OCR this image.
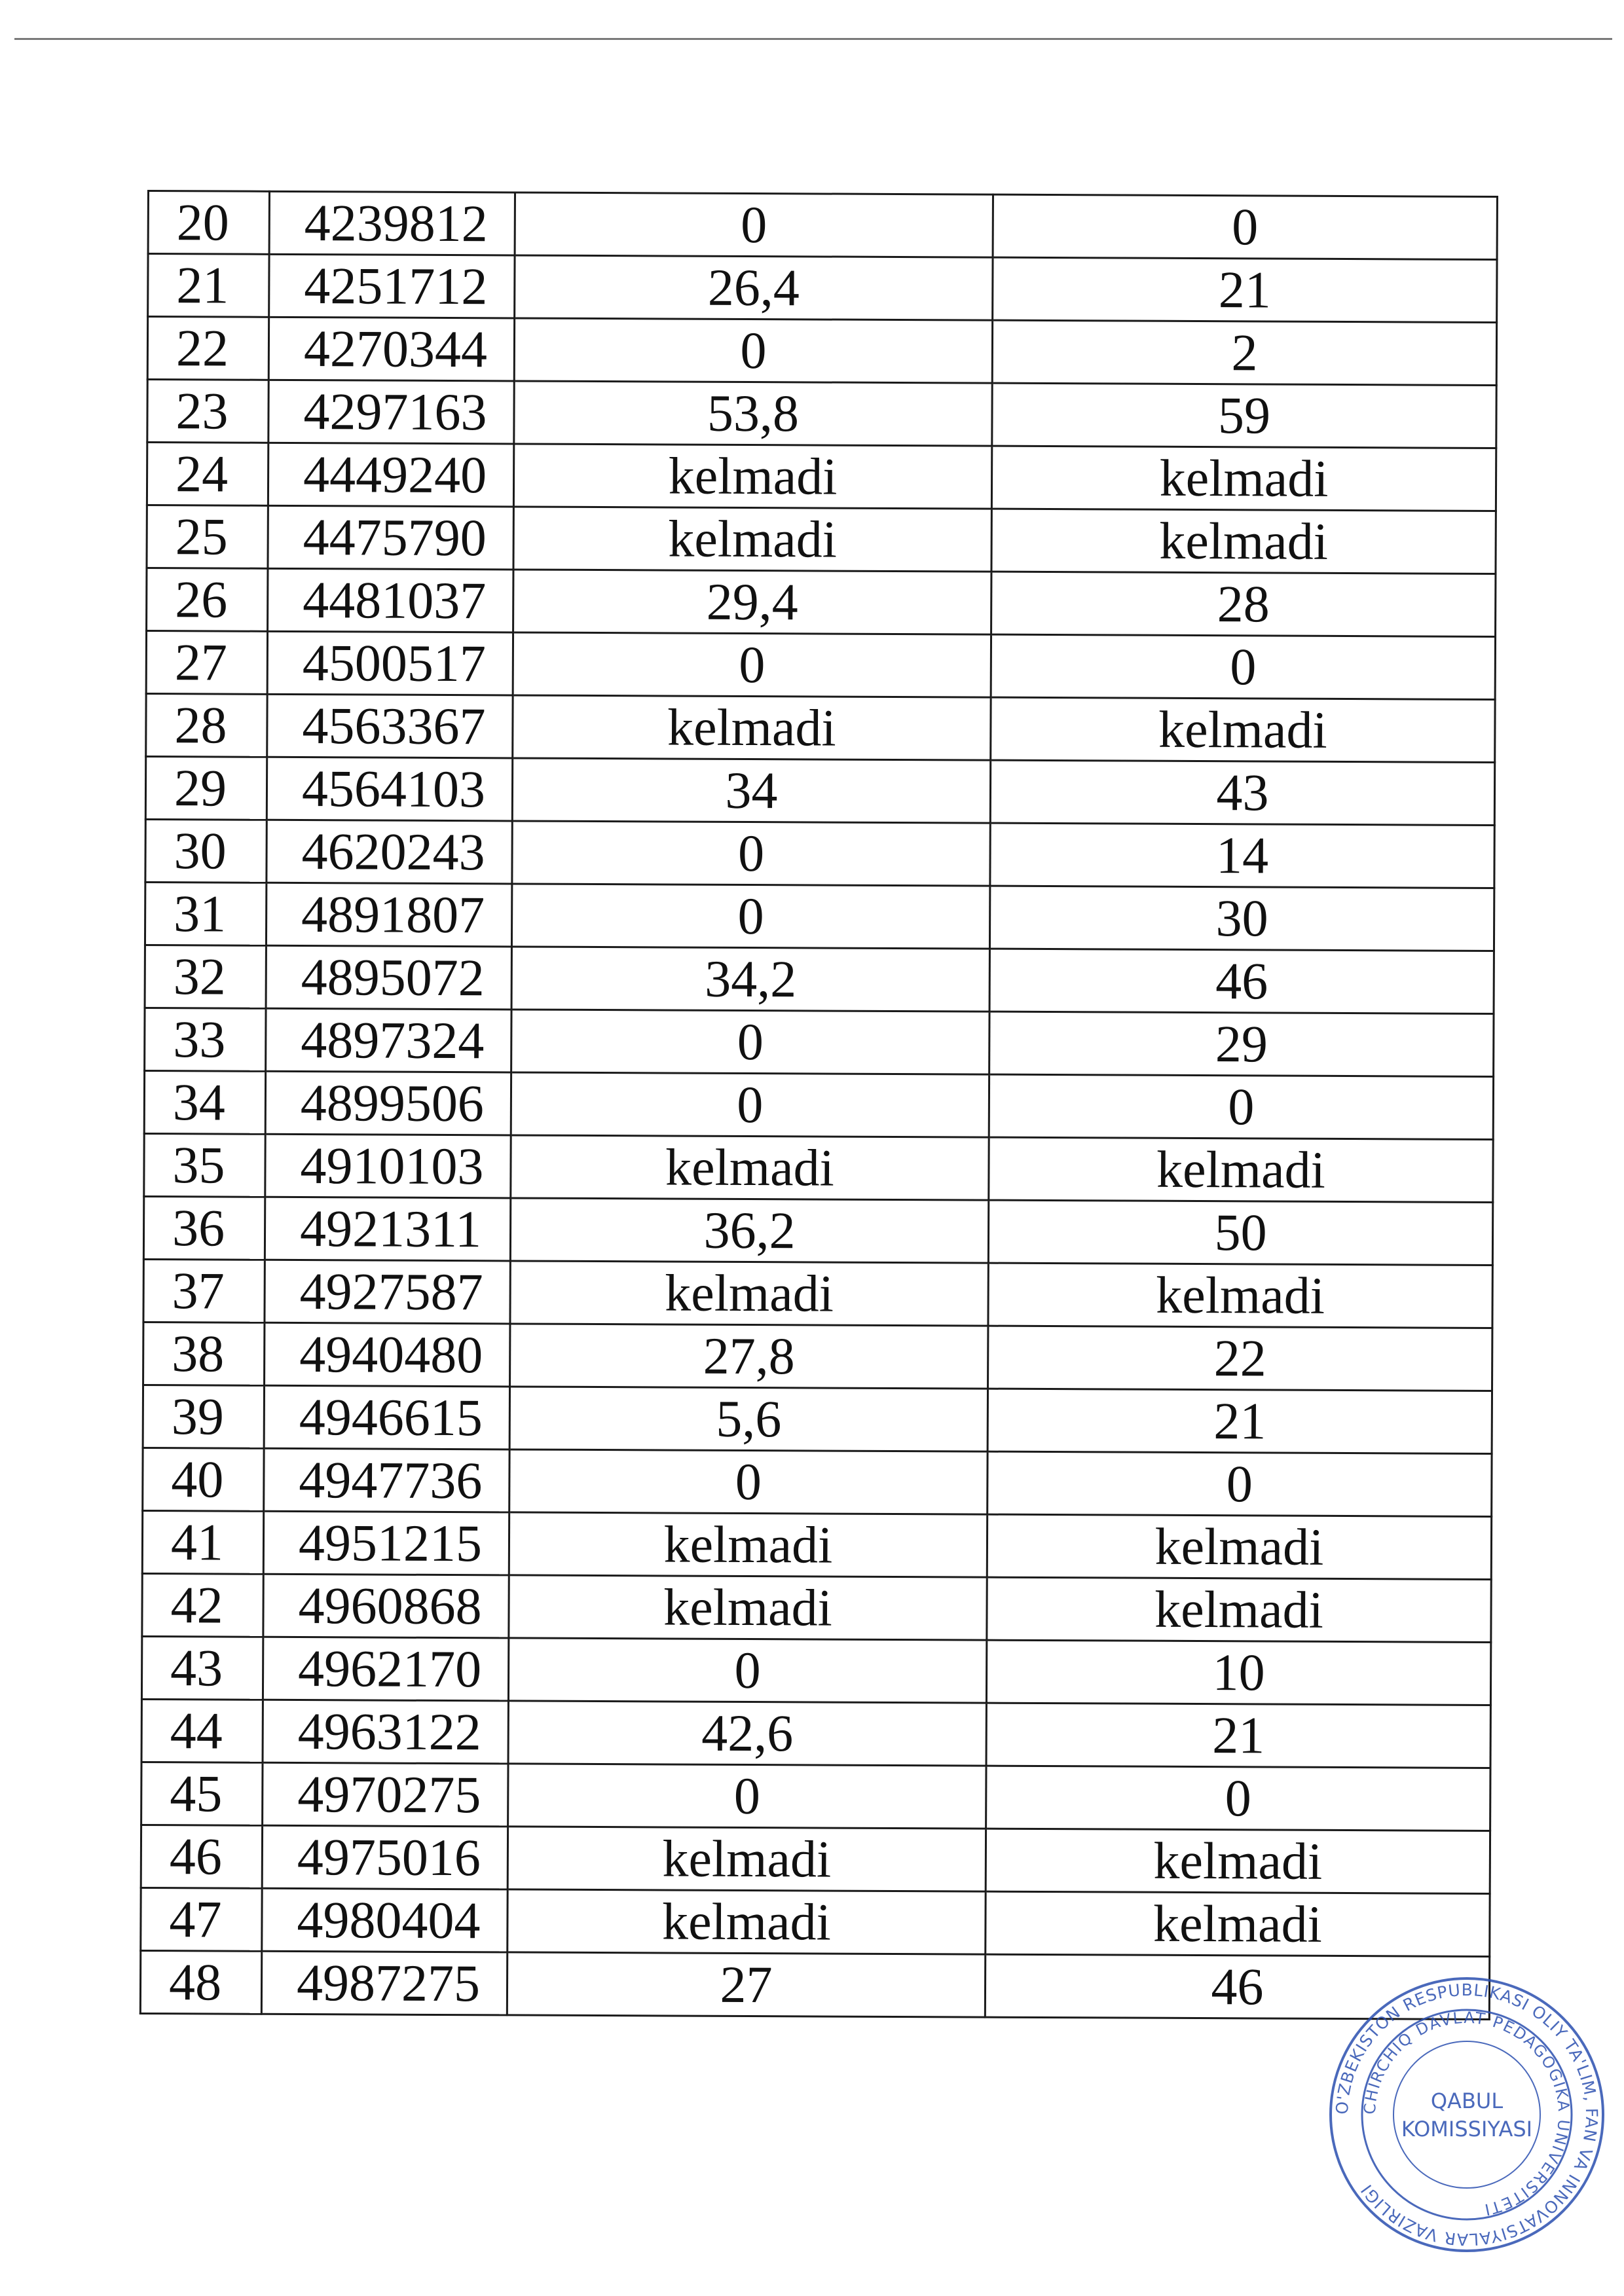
20	4239812	0	0
21	4251712	26,4	21
22	4270344	0	2
23	4297163	53,8	59
24	4449240	kelmadi	kelmadi
25	4475790	kelmadi	kelmadi
26	4481037	29,4	28
27	4500517	0	0
28	4563367	kelmadi	kelmadi
29	4564103	34	43
30	4620243	0	14
31	4891807	0	30
32	4895072	34,2	46
33	4897324	0	29
34	4899506	0	0
35	4910103	kelmadi	kelmadi
36	4921311	36,2	50
37	4927587	kelmadi	kelmadi
38	4940480	27,8	22
39	4946615	5,6	21
40	4947736	0	0
41	4951215	kelmadi	kelmadi
42	4960868	kelmadi	kelmadi
43	4962170	0	10
44	4963122	42,6	21
45	4970275	0	0
46	4975016	kelmadi	kelmadi
47	4980404	kelmadi	kelmadi
48	4987275	27	46
O'ZBEKISTON RESPUBLIKASI OLIY TA'LIM, FAN VA INNOVATSIYALAR VAZIRLIGI
CHIRCHIQ DAVLAT PEDAGOGIKA UNIVERSITETI
QABUL
KOMISSIYASI
